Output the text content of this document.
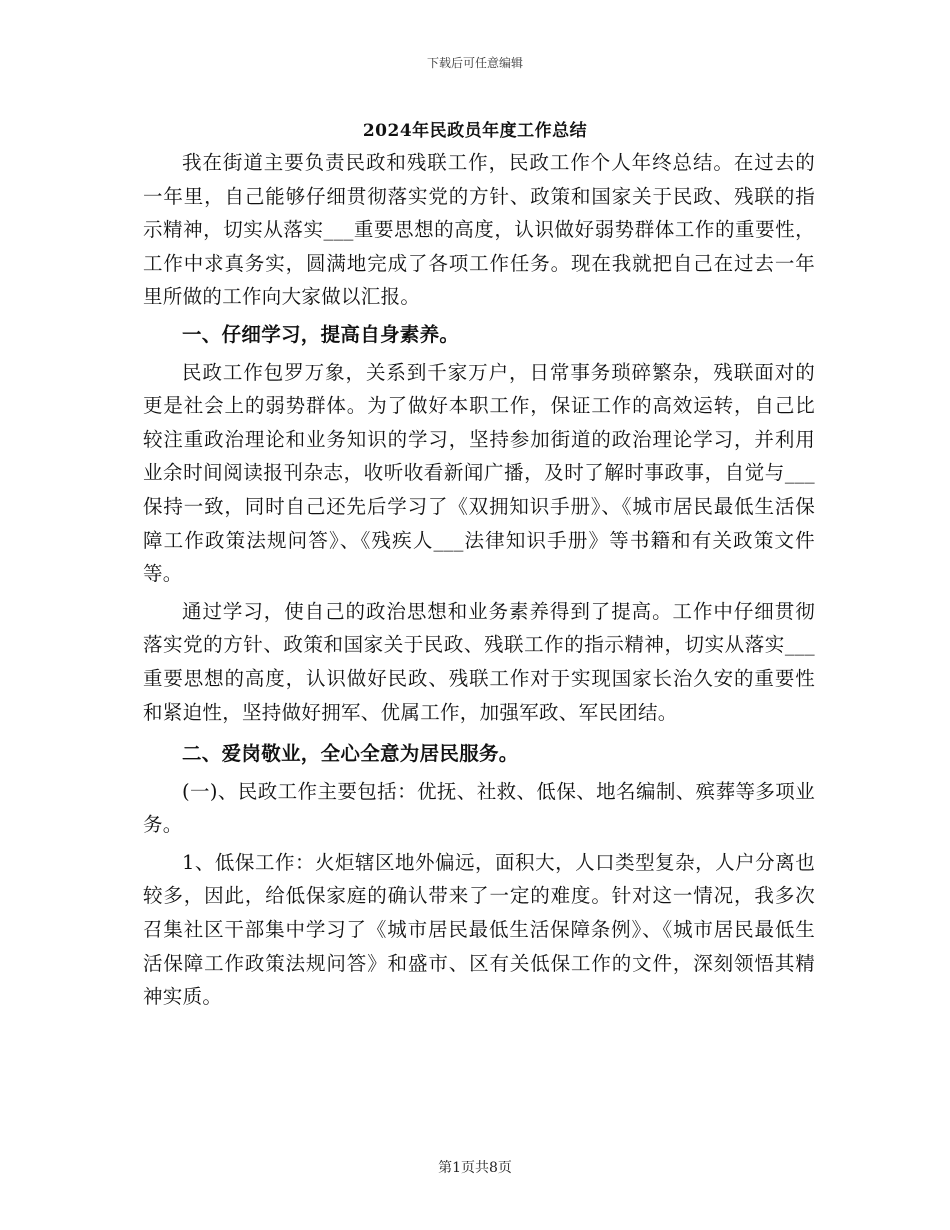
下载后可任意编辑
2024年民政员年度工作总结

我在街道主要负责民政和残联工作，民政工作个人年终总结。在过去的一年里，自己能够仔细贯彻落实党的方针、政策和国家关于民政、残联的指示精神，切实从落实___重要思想的高度，认识做好弱势群体工作的重要性，工作中求真务实，圆满地完成了各项工作任务。现在我就把自己在过去一年里所做的工作向大家做以汇报。

一、仔细学习，提高自身素养。

民政工作包罗万象，关系到千家万户，日常事务琐碎繁杂，残联面对的更是社会上的弱势群体。为了做好本职工作，保证工作的高效运转，自己比较注重政治理论和业务知识的学习，坚持参加街道的政治理论学习，并利用业余时间阅读报刊杂志，收听收看新闻广播，及时了解时事政事，自觉与___保持一致，同时自己还先后学习了《双拥知识手册》、《城市居民最低生活保障工作政策法规问答》、《残疾人___法律知识手册》等书籍和有关政策文件等。

通过学习，使自己的政治思想和业务素养得到了提高。工作中仔细贯彻落实党的方针、政策和国家关于民政、残联工作的指示精神，切实从落实___重要思想的高度，认识做好民政、残联工作对于实现国家长治久安的重要性和紧迫性，坚持做好拥军、优属工作，加强军政、军民团结。

二、爱岗敬业，全心全意为居民服务。

(一)、民政工作主要包括：优抚、社救、低保、地名编制、殡葬等多项业务。

1、低保工作：火炬辖区地外偏远，面积大，人口类型复杂，人户分离也较多，因此，给低保家庭的确认带来了一定的难度。针对这一情况，我多次召集社区干部集中学习了《城市居民最低生活保障条例》、《城市居民最低生活保障工作政策法规问答》和盛市、区有关低保工作的文件，深刻领悟其精神实质。

第1页共8页
